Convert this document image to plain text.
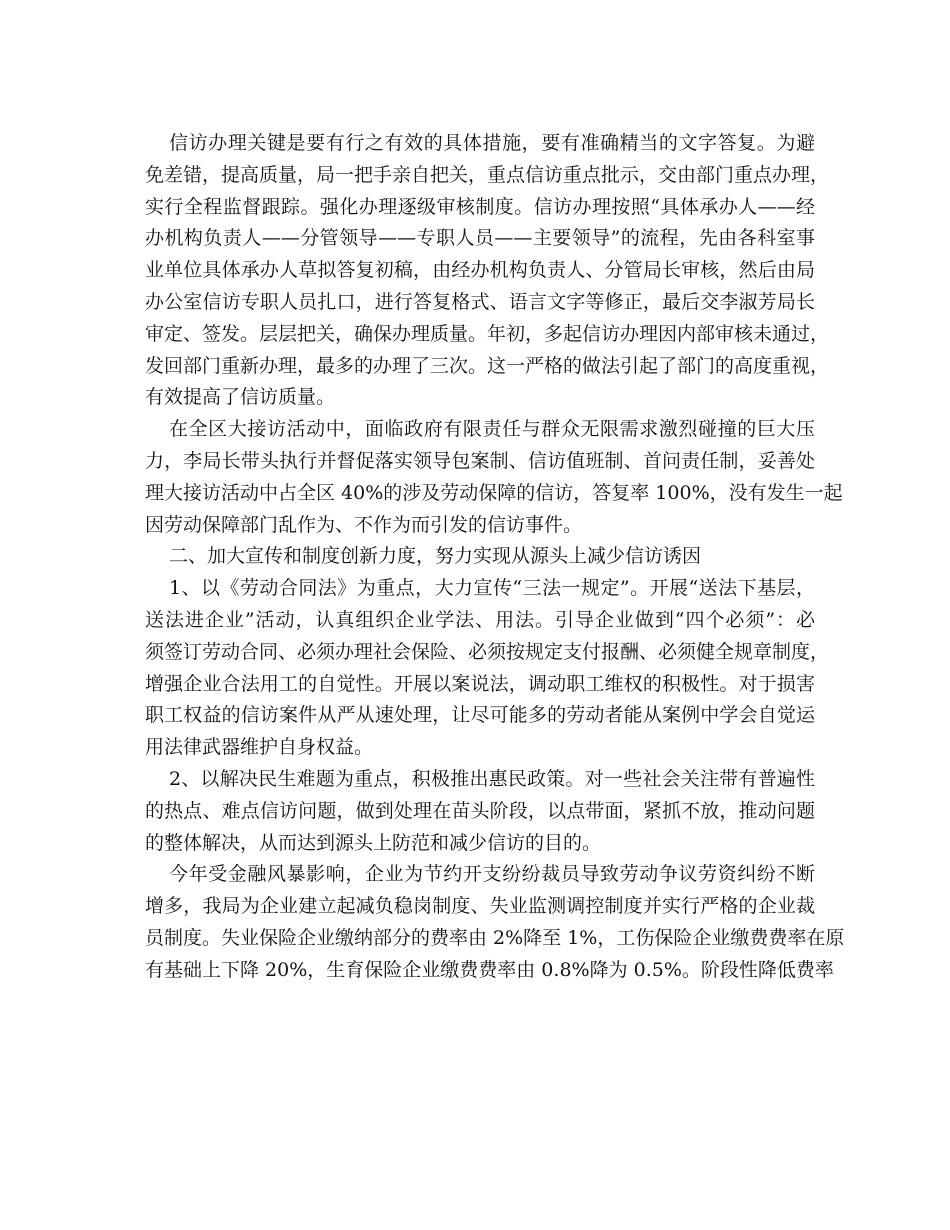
信访办理关键是要有行之有效的具体措施，要有准确精当的文字答复。为避
免差错，提高质量，局一把手亲自把关，重点信访重点批示，交由部门重点办理，
实行全程监督跟踪。强化办理逐级审核制度。信访办理按照“具体承办人——经
办机构负责人——分管领导——专职人员——主要领导”的流程，先由各科室事
业单位具体承办人草拟答复初稿，由经办机构负责人、分管局长审核，然后由局
办公室信访专职人员扎口，进行答复格式、语言文字等修正，最后交李淑芳局长
审定、签发。层层把关，确保办理质量。年初，多起信访办理因内部审核未通过，
发回部门重新办理，最多的办理了三次。这一严格的做法引起了部门的高度重视，
有效提高了信访质量。
在全区大接访活动中，面临政府有限责任与群众无限需求激烈碰撞的巨大压
力，李局长带头执行并督促落实领导包案制、信访值班制、首问责任制，妥善处
理大接访活动中占全区 40%的涉及劳动保障的信访，答复率 100%，没有发生一起
因劳动保障部门乱作为、不作为而引发的信访事件。
二、加大宣传和制度创新力度，努力实现从源头上减少信访诱因
1、以《劳动合同法》为重点，大力宣传“三法一规定”。开展“送法下基层，
送法进企业”活动，认真组织企业学法、用法。引导企业做到“四个必须”：必
须签订劳动合同、必须办理社会保险、必须按规定支付报酬、必须健全规章制度，
增强企业合法用工的自觉性。开展以案说法，调动职工维权的积极性。对于损害
职工权益的信访案件从严从速处理，让尽可能多的劳动者能从案例中学会自觉运
用法律武器维护自身权益。
2、以解决民生难题为重点，积极推出惠民政策。对一些社会关注带有普遍性
的热点、难点信访问题，做到处理在苗头阶段，以点带面，紧抓不放，推动问题
的整体解决，从而达到源头上防范和减少信访的目的。
今年受金融风暴影响，企业为节约开支纷纷裁员导致劳动争议劳资纠纷不断
增多，我局为企业建立起减负稳岗制度、失业监测调控制度并实行严格的企业裁
员制度。失业保险企业缴纳部分的费率由 2%降至 1%，工伤保险企业缴费费率在原
有基础上下降 20%，生育保险企业缴费费率由 0.8%降为 0.5%。阶段性降低费率
